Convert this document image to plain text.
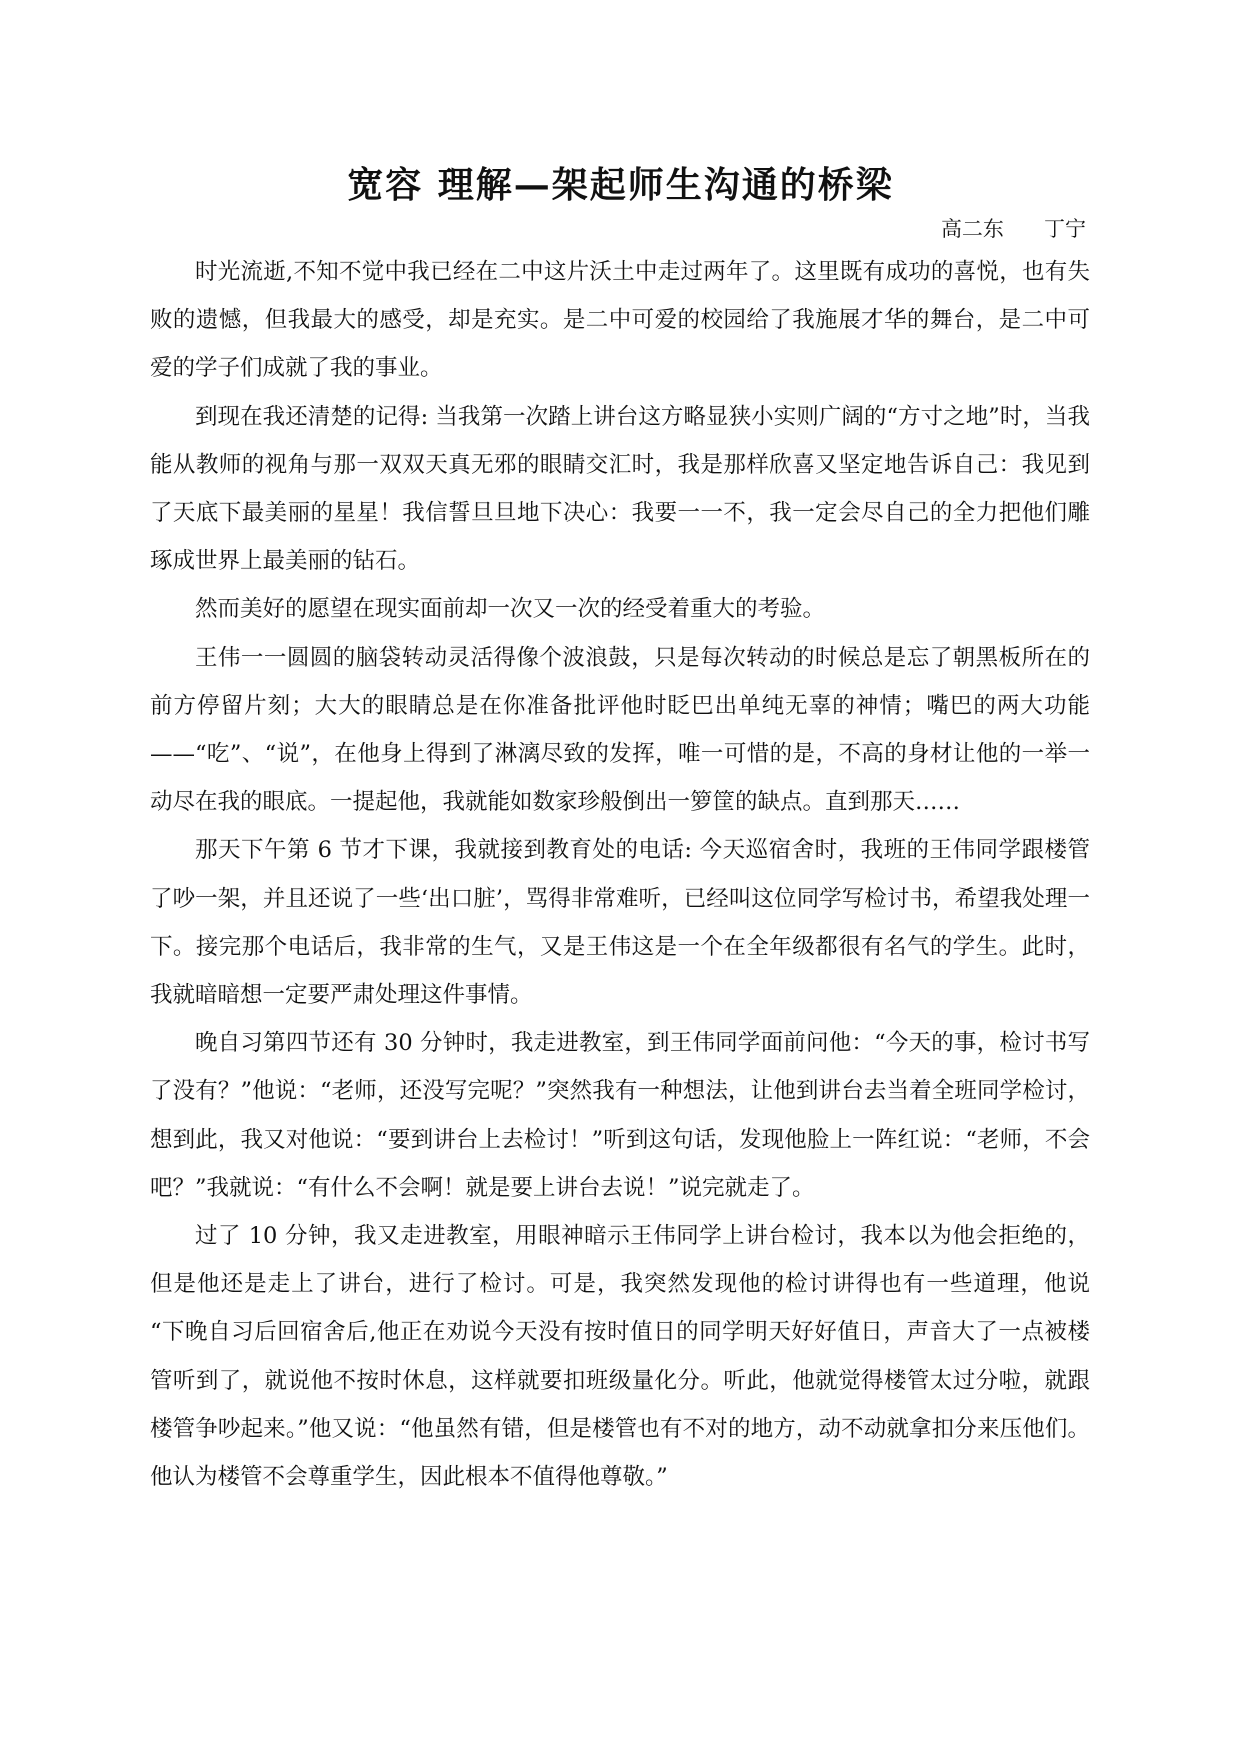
宽容 理解—架起师生沟通的桥梁
高二东      丁宁

时光流逝,不知不觉中我已经在二中这片沃土中走过两年了。这里既有成功的喜悦，也有失败的遗憾，但我最大的感受，却是充实。是二中可爱的校园给了我施展才华的舞台，是二中可爱的学子们成就了我的事业。

到现在我还清楚的记得: 当我第一次踏上讲台这方略显狭小实则广阔的“方寸之地”时，当我能从教师的视角与那一双双天真无邪的眼睛交汇时，我是那样欣喜又坚定地告诉自己：我见到了天底下最美丽的星星！我信誓旦旦地下决心：我要一一不，我一定会尽自己的全力把他们雕琢成世界上最美丽的钻石。

然而美好的愿望在现实面前却一次又一次的经受着重大的考验。

王伟一一圆圆的脑袋转动灵活得像个波浪鼓，只是每次转动的时候总是忘了朝黑板所在的前方停留片刻；大大的眼睛总是在你准备批评他时眨巴出单纯无辜的神情；嘴巴的两大功能——“吃”、“说”，在他身上得到了淋漓尽致的发挥，唯一可惜的是，不高的身材让他的一举一动尽在我的眼底。一提起他，我就能如数家珍般倒出一箩筐的缺点。直到那天……

那天下午第 6 节才下课，我就接到教育处的电话: 今天巡宿舍时，我班的王伟同学跟楼管了吵一架，并且还说了一些‘出口脏’，骂得非常难听，已经叫这位同学写检讨书，希望我处理一下。接完那个电话后，我非常的生气，又是王伟这是一个在全年级都很有名气的学生。此时，我就暗暗想一定要严肃处理这件事情。

晚自习第四节还有 30 分钟时，我走进教室，到王伟同学面前问他：“今天的事，检讨书写了没有？”他说：“老师，还没写完呢？”突然我有一种想法，让他到讲台去当着全班同学检讨，想到此，我又对他说：“要到讲台上去检讨！”听到这句话，发现他脸上一阵红说：“老师，不会吧？”我就说：“有什么不会啊！就是要上讲台去说！”说完就走了。

过了 10 分钟，我又走进教室，用眼神暗示王伟同学上讲台检讨，我本以为他会拒绝的，但是他还是走上了讲台，进行了检讨。可是，我突然发现他的检讨讲得也有一些道理，他说 “下晚自习后回宿舍后,他正在劝说今天没有按时值日的同学明天好好值日，声音大了一点被楼管听到了，就说他不按时休息，这样就要扣班级量化分。听此，他就觉得楼管太过分啦，就跟楼管争吵起来。”他又说：“他虽然有错，但是楼管也有不对的地方，动不动就拿扣分来压他们。他认为楼管不会尊重学生，因此根本不值得他尊敬。”
